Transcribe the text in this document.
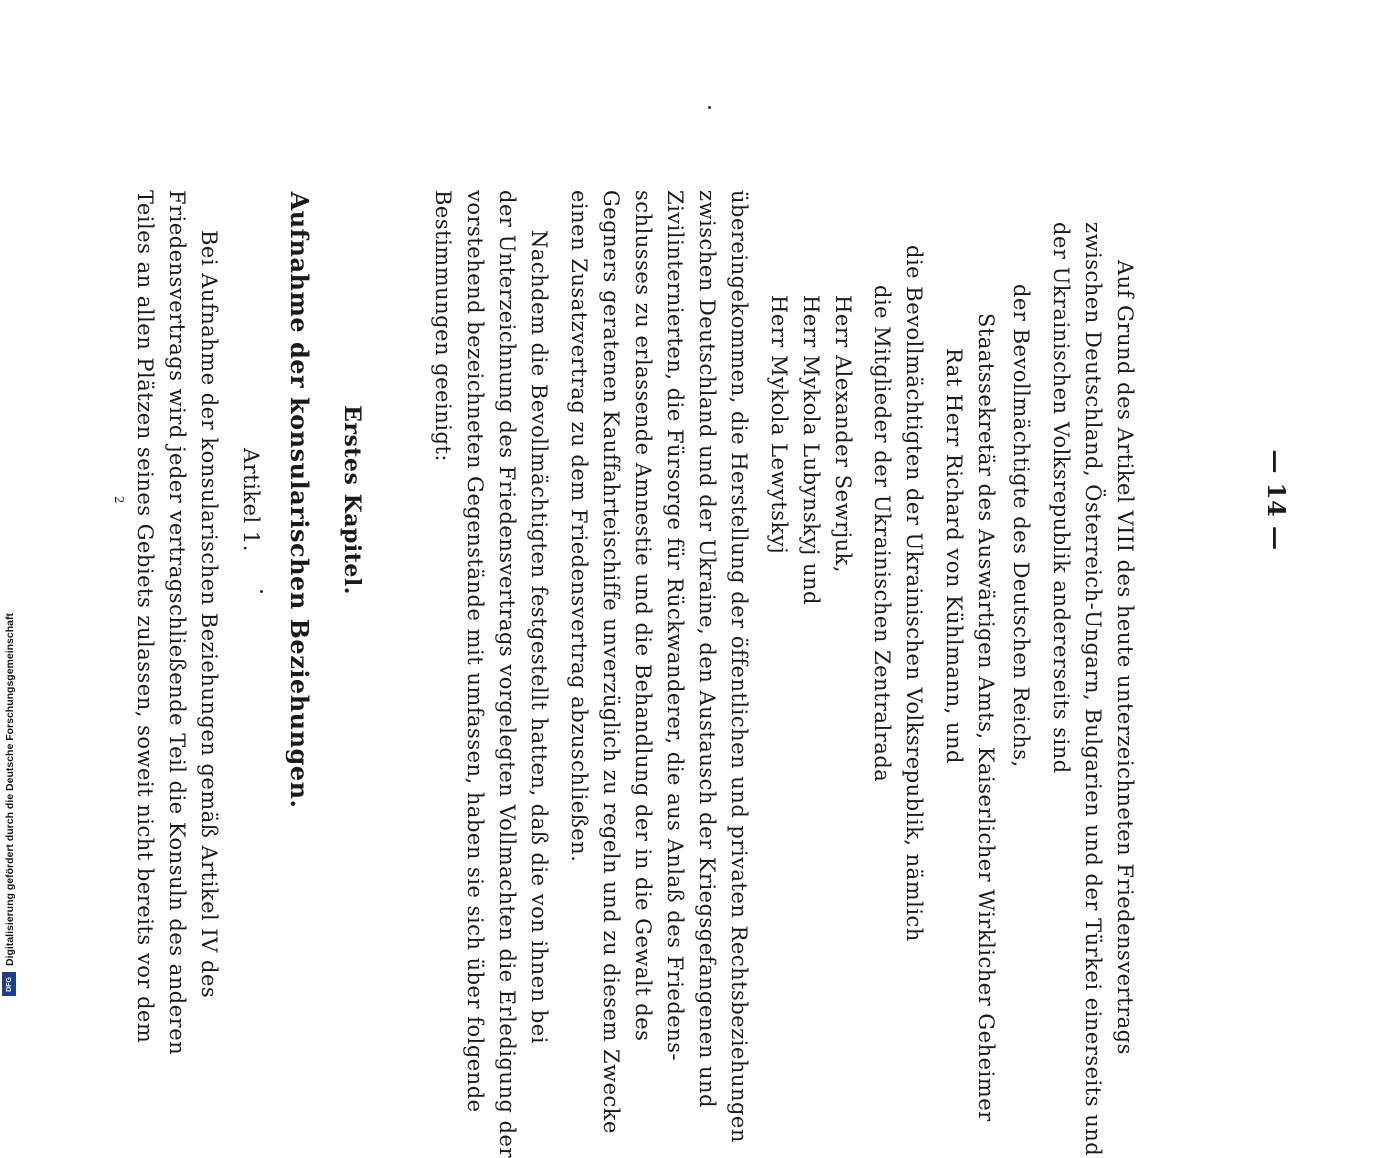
— 14 —
Auf Grund des Artikel VIII des heute unterzeichneten Friedensvertrags
zwischen Deutschland, Österreich-Ungarn, Bulgarien und der Türkei einerseits und
der Ukrainischen Volksrepublik andererseits sind
der Bevollmächtigte des Deutschen Reichs,
Staatssekretär des Auswärtigen Amts, Kaiserlicher Wirklicher Geheimer
Rat Herr Richard von Kühlmann, und
die Bevollmächtigten der Ukrainischen Volksrepublik, nämlich
die Mitglieder der Ukrainischen Zentralrada
Herr Alexander Sewrjuk,
Herr Mykola Lubynskyj und
Herr Mykola Lewytskyj
übereingekommen, die Herstellung der öffentlichen und privaten Rechtsbeziehungen
zwischen Deutschland und der Ukraine, den Austausch der Kriegsgefangenen und
Zivilinternierten, die Fürsorge für Rückwanderer, die aus Anlaß des Friedens-
schlusses zu erlassende Amnestie und die Behandlung der in die Gewalt des
Gegners geratenen Kauffahrteischiffe unverzüglich zu regeln und zu diesem Zwecke
einen Zusatzvertrag zu dem Friedensvertrag abzuschließen.
Nachdem die Bevollmächtigten festgestellt hatten, daß die von ihnen bei
der Unterzeichnung des Friedensvertrags vorgelegten Vollmachten die Erledigung der
vorstehend bezeichneten Gegenstände mit umfassen, haben sie sich über folgende
Bestimmungen geeinigt:
Erstes Kapitel.
Aufnahme der konsularischen Beziehungen.
Artikel 1.
Bei Aufnahme der konsularischen Beziehungen gemäß Artikel IV des
Friedensvertrags wird jeder vertragschließende Teil die Konsuln des anderen
Teiles an allen Plätzen seines Gebiets zulassen, soweit nicht bereits vor dem
2
Digitalisierung gefördert durch die Deutsche Forschungsgemeinschaft
DFG
